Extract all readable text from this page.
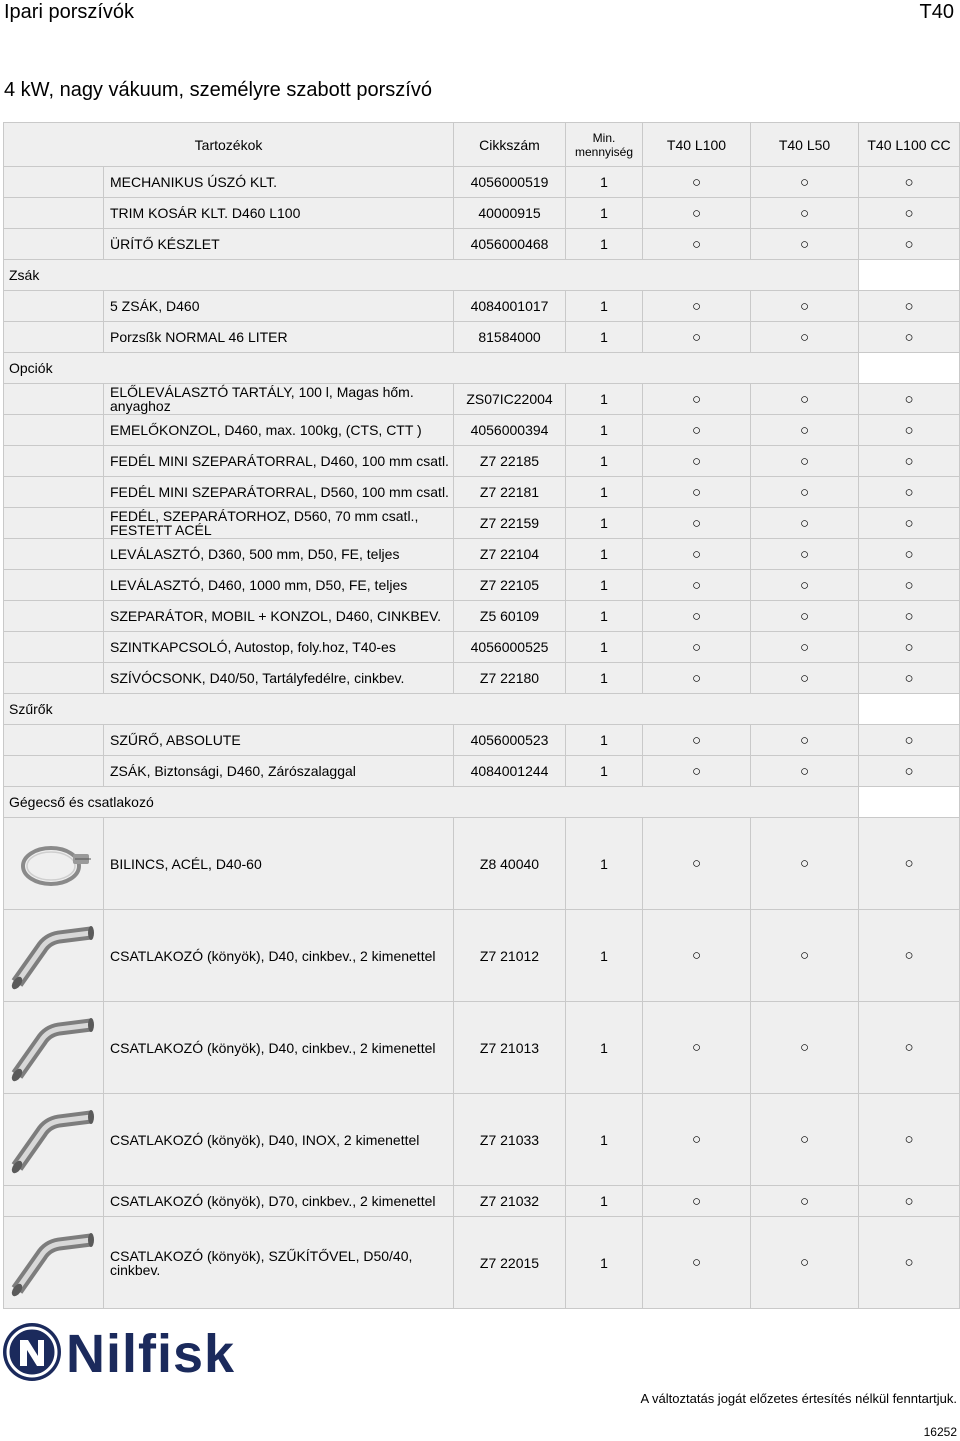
Ipari porszívók	T40
4 kW, nagy vákuum, személyre szabott porszívó
Tartozékok		Cikkszám	Min. mennyiség	T40 L100	T40 L50	T40 L100 CC
	MECHANIKUS ÚSZÓ KLT.	4056000519	1	○	○	○
	TRIM KOSÁR KLT. D460 L100	40000915	1	○	○	○
	ÜRÍTŐ KÉSZLET	4056000468	1	○	○	○
Zsák						
	5 ZSÁK, D460	4084001017	1	○	○	○
	Porzsßk NORMAL 46 LITER	81584000	1	○	○	○
Opciók						
	ELŐLEVÁLASZTÓ TARTÁLY, 100 l, Magas hőm. anyaghoz	ZS07IC22004	1	○	○	○
	EMELŐKONZOL, D460, max. 100kg, (CTS, CTT )	4056000394	1	○	○	○
	FEDÉL MINI SZEPARÁTORRAL, D460, 100 mm csatl.	Z7 22185	1	○	○	○
	FEDÉL MINI SZEPARÁTORRAL, D560, 100 mm csatl.	Z7 22181	1	○	○	○
	FEDÉL, SZEPARÁTORHOZ, D560, 70 mm csatl., FESTETT ACÉL	Z7 22159	1	○	○	○
	LEVÁLASZTÓ, D360, 500 mm, D50, FE, teljes	Z7 22104	1	○	○	○
	LEVÁLASZTÓ, D460, 1000 mm, D50, FE, teljes	Z7 22105	1	○	○	○
	SZEPARÁTOR, MOBIL + KONZOL, D460, CINKBEV.	Z5 60109	1	○	○	○
	SZINTKAPCSOLÓ, Autostop, foly.hoz, T40-es	4056000525	1	○	○	○
	SZÍVÓCSONK, D40/50, Tartályfedélre, cinkbev.	Z7 22180	1	○	○	○
Szűrők						
	SZŰRŐ, ABSOLUTE	4056000523	1	○	○	○
	ZSÁK, Biztonsági, D460, Zárószalaggal	4084001244	1	○	○	○
Gégecső és csatlakozó						

	BILINCS, ACÉL, D40-60	Z8 40040	1	○	○	○

	CSATLAKOZÓ (könyök), D40, cinkbev., 2 kimenettel	Z7 21012	1	○	○	○

	CSATLAKOZÓ (könyök), D40, cinkbev., 2 kimenettel	Z7 21013	1	○	○	○

	CSATLAKOZÓ (könyök), D40, INOX, 2 kimenettel	Z7 21033	1	○	○	○
	CSATLAKOZÓ (könyök), D70, cinkbev., 2 kimenettel	Z7 21032	1	○	○	○

	CSATLAKOZÓ (könyök), SZŰKÍTŐVEL, D50/40, cinkbev.	Z7 22015	1	○	○	○
Nilfisk
A változtatás jogát előzetes értesítés nélkül fenntartjuk.
16252
